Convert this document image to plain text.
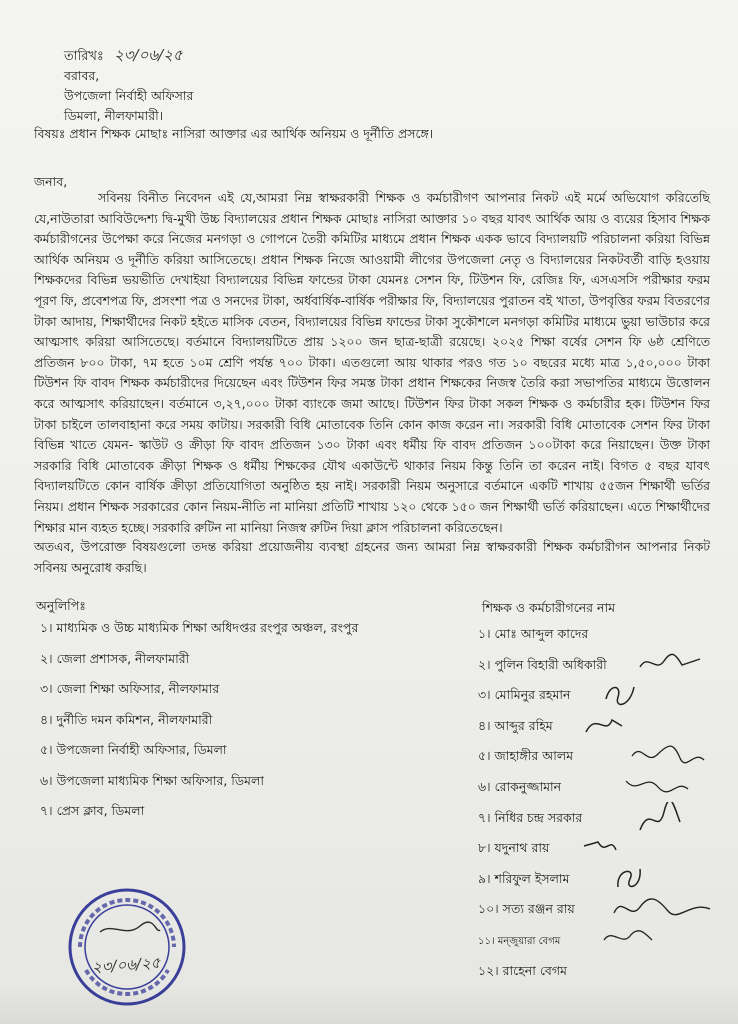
তারিখঃ ২৩/০৬/২৫
বরাবর,
উপজেলা নির্বাহী অফিসার
ডিমলা, নীলফামারী।
বিষয়ঃ প্রধান শিক্ষক মোছাঃ নাসিরা আক্তার এর আর্থিক অনিয়ম ও দূর্নীতি প্রসঙ্গে।
জনাব,
সবিনয় বিনীত নিবেদন এই যে,আমরা নিম্ন স্বাক্ষরকারী শিক্ষক ও কর্মচারীগণ আপনার নিকট এই মর্মে অভিযোগ করিতেছি যে,নাউতারা আবিউদ্দেশ্য দ্বি-মুখী উচ্চ বিদ্যালয়ের প্রধান শিক্ষক মোছাঃ নাসিরা আক্তার ১০ বছর যাবৎ আর্থিক আয় ও ব্যয়ের হিসাব শিক্ষক কর্মচারীগনের উপেক্ষা করে নিজের মনগড়া ও গোপনে তৈরী কমিটির মাধ্যমে প্রধান শিক্ষক একক ভাবে বিদ্যালয়টি পরিচালনা করিয়া বিভিন্ন আর্থিক অনিয়ম ও দূর্নীতি করিয়া আসিতেছে। প্রধান শিক্ষক নিজে আওয়ামী লীগের উপজেলা নেতৃ ও বিদ্যালয়ের নিকটবর্তী বাড়ি হওয়ায় শিক্ষকদের বিভিন্ন ভয়ভীতি দেখাইয়া বিদ্যালয়ের বিভিন্ন ফান্ডের টাকা যেমনঃ সেশন ফি, টিউশন ফি, রেজিঃ ফি, এসএসসি পরীক্ষার ফরম পূরণ ফি, প্রবেশপত্র ফি, প্রসংশা পত্র ও সনদের টাকা, অর্ধবার্ষিক-বার্ষিক পরীক্ষার ফি, বিদ্যালয়ের পুরাতন বই খাতা, উপবৃত্তির ফরম বিতরণের টাকা আদায়, শিক্ষার্থীদের নিকট হইতে মাসিক বেতন, বিদ্যালয়ের বিভিন্ন ফান্ডের টাকা সুকৌশলে মনগড়া কমিটির মাধ্যমে ভুয়া ভাউচার করে আত্মসাৎ করিয়া আসিতেছে। বর্তমানে বিদ্যালয়টিতে প্রায় ১২০০ জন ছাত্র-ছাত্রী রয়েছে। ২০২৫ শিক্ষা বর্ষের সেশন ফি ৬ষ্ঠ শ্রেণিতে প্রতিজন ৮০০ টাকা, ৭ম হতে ১০ম শ্রেণি পর্যন্ত ৭০০ টাকা। এতগুলো আয় থাকার পরও গত ১০ বছরের মধ্যে মাত্র ১,৫০,০০০ টাকা টিউশন ফি বাবদ শিক্ষক কর্মচারীদের দিয়েছেন এবং টিউশন ফির সমস্ত টাকা প্রধান শিক্ষকের নিজস্ব তৈরি করা সভাপতির মাধ্যমে উত্তোলন করে আত্মসাৎ করিয়াছেন। বর্তমানে ৩,২৭,০০০ টাকা ব্যাংকে জমা আছে। টিউশন ফির টাকা সকল শিক্ষক ও কর্মচারীর হক। টিউশন ফির টাকা চাইলে তালবাহানা করে সময় কাটায়। সরকারী বিধি মোতাবেক তিনি কোন কাজ করেন না। সরকারী বিধি মোতাবেক সেশন ফির টাকা বিভিন্ন খাতে যেমন- স্কাউট ও ক্রীড়া ফি বাবদ প্রতিজন ১৩০ টাকা এবং ধর্মীয় ফি বাবদ প্রতিজন ১০০টাকা করে নিয়াছেন। উক্ত টাকা সরকারি বিধি মোতাবেক ক্রীড়া শিক্ষক ও ধর্মীয় শিক্ষকের যৌথ একাউন্টে থাকার নিয়ম কিন্তু তিনি তা করেন নাই। বিগত ৫ বছর যাবৎ বিদ্যালয়টিতে কোন বার্ষিক ক্রীড়া প্রতিযোগিতা অনুষ্ঠিত হয় নাই। সরকারী নিয়ম অনুসারে বর্তমানে একটি শাখায় ৫৫জন শিক্ষার্থী ভর্তির নিয়ম। প্রধান শিক্ষক সরকারের কোন নিয়ম-নীতি না মানিয়া প্রতিটি শাখায় ১২০ থেকে ১৫০ জন শিক্ষার্থী ভর্তি করিয়াছেন। এতে শিক্ষার্থীদের শিক্ষার মান ব্যহত হচ্ছে। সরকারি রুটিন না মানিয়া নিজস্ব রুটিন দিয়া ক্লাস পরিচালনা করিতেছেন।
অতএব, উপরোক্ত বিষয়গুলো তদন্ত করিয়া প্রয়োজনীয় ব্যবস্থা গ্রহনের জন্য আমরা নিম্ন স্বাক্ষরকারী শিক্ষক কর্মচারীগন আপনার নিকট সবিনয় অনুরোধ করছি।
অনুলিপিঃ
১। মাধ্যমিক ও উচ্চ মাধ্যমিক শিক্ষা অধিদপ্তর রংপুর অঞ্চল, রংপুর
২। জেলা প্রশাসক, নীলফামারী
৩। জেলা শিক্ষা অফিসার, নীলফামার
৪। দুর্নীতি দমন কমিশন, নীলফামারী
৫। উপজেলা নির্বাহী অফিসার, ডিমলা
৬। উপজেলা মাধ্যমিক শিক্ষা অফিসার, ডিমলা
৭। প্রেস ক্লাব, ডিমলা
শিক্ষক ও কর্মচারীগনের নাম
১। মোঃ আব্দুল কাদের
২। পুলিন বিহারী অধিকারী
৩। মোমিনুর রহমান
৪। আব্দুর রহিম
৫। জাহাঙ্গীর আলম
৬। রোকনুজ্জামান
৭। নিধির চন্দ্র সরকার
৮। যদুনাথ রায়
৯। শরিফুল ইসলাম
১০। সত্য রঞ্জন রায়
১১। মন্জুয়ারা বেগম
১২। রাহেনা বেগম
২৩/০৬/২৫
